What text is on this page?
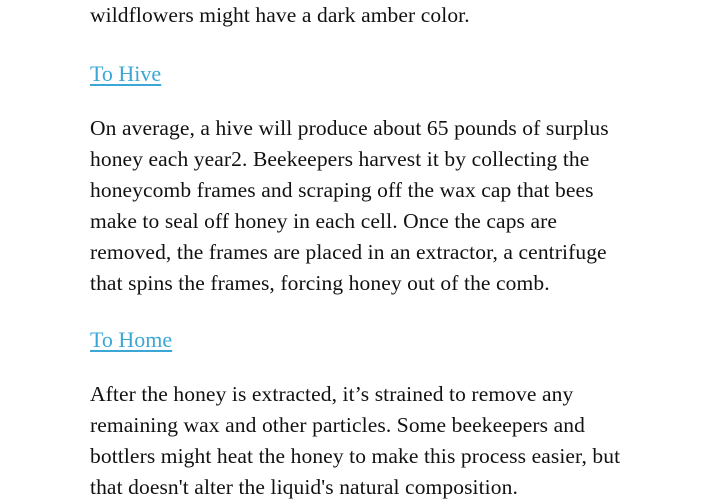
wildflowers might have a dark amber color.

To Hive

On average, a hive will produce about 65 pounds of surplus honey each year2. Beekeepers harvest it by collecting the honeycomb frames and scraping off the wax cap that bees make to seal off honey in each cell. Once the caps are removed, the frames are placed in an extractor, a centrifuge that spins the frames, forcing honey out of the comb.

To Home

After the honey is extracted, it’s strained to remove any remaining wax and other particles. Some beekeepers and bottlers might heat the honey to make this process easier, but that doesn't alter the liquid's natural composition.
